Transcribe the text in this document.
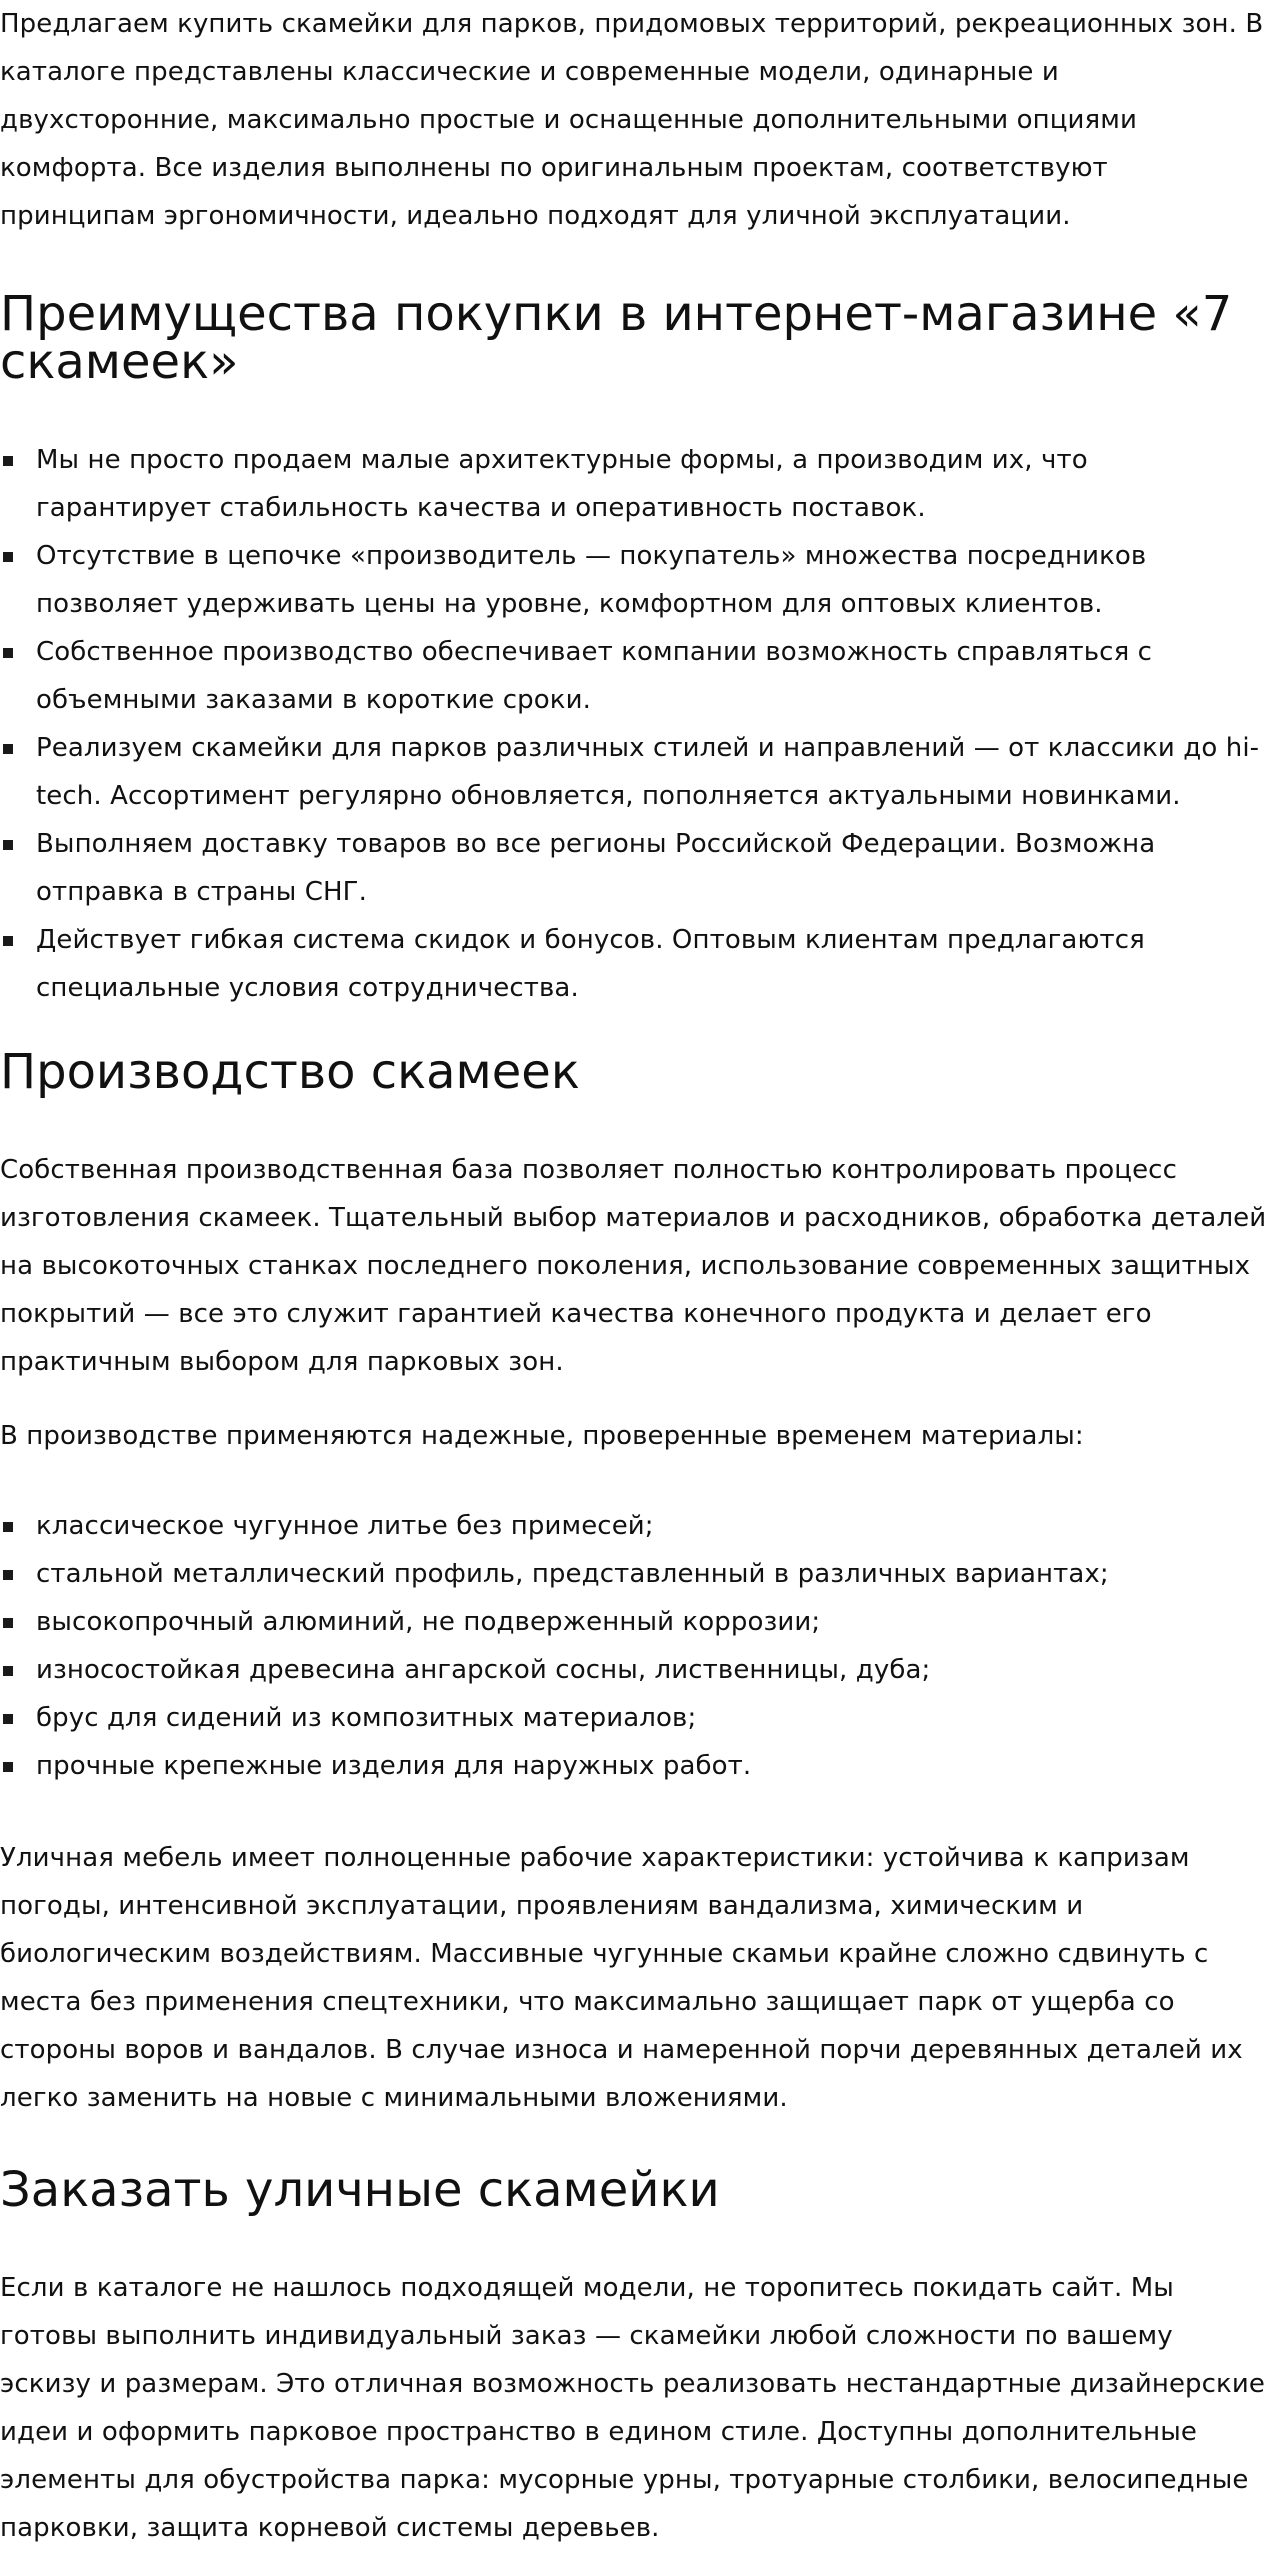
Предлагаем купить скамейки для парков, придомовых территорий, рекреационных зон. В каталоге представлены классические и современные модели, одинарные и двухсторонние, максимально простые и оснащенные дополнительными опциями комфорта. Все изделия выполнены по оригинальным проектам, соответствуют принципам эргономичности, идеально подходят для уличной эксплуатации.

Преимущества покупки в интернет-магазине «7 скамеек»
Мы не просто продаем малые архитектурные формы, а производим их, что гарантирует стабильность качества и оперативность поставок.
Отсутствие в цепочке «производитель — покупатель» множества посредников позволяет удерживать цены на уровне, комфортном для оптовых клиентов.
Собственное производство обеспечивает компании возможность справляться с объемными заказами в короткие сроки.
Реализуем скамейки для парков различных стилей и направлений — от классики до hi-tech. Ассортимент регулярно обновляется, пополняется актуальными новинками.
Выполняем доставку товаров во все регионы Российской Федерации. Возможна отправка в страны СНГ.
Действует гибкая система скидок и бонусов. Оптовым клиентам предлагаются специальные условия сотрудничества.
Производство скамеек

Собственная производственная база позволяет полностью контролировать процесс изготовления скамеек. Тщательный выбор материалов и расходников, обработка деталей на высокоточных станках последнего поколения, использование современных защитных покрытий — все это служит гарантией качества конечного продукта и делает его практичным выбором для парковых зон.

В производстве применяются надежные, проверенные временем материалы:

классическое чугунное литье без примесей;
стальной металлический профиль, представленный в различных вариантах;
высокопрочный алюминий, не подверженный коррозии;
износостойкая древесина ангарской сосны, лиственницы, дуба;
брус для сидений из композитных материалов;
прочные крепежные изделия для наружных работ.

Уличная мебель имеет полноценные рабочие характеристики: устойчива к капризам погоды, интенсивной эксплуатации, проявлениям вандализма, химическим и биологическим воздействиям. Массивные чугунные скамьи крайне сложно сдвинуть с места без применения спецтехники, что максимально защищает парк от ущерба со стороны воров и вандалов. В случае износа и намеренной порчи деревянных деталей их легко заменить на новые с минимальными вложениями.

Заказать уличные скамейки

Если в каталоге не нашлось подходящей модели, не торопитесь покидать сайт. Мы готовы выполнить индивидуальный заказ — скамейки любой сложности по вашему эскизу и размерам. Это отличная возможность реализовать нестандартные дизайнерские идеи и оформить парковое пространство в едином стиле. Доступны дополнительные элементы для обустройства парка: мусорные урны, тротуарные столбики, велосипедные парковки, защита корневой системы деревьев.
